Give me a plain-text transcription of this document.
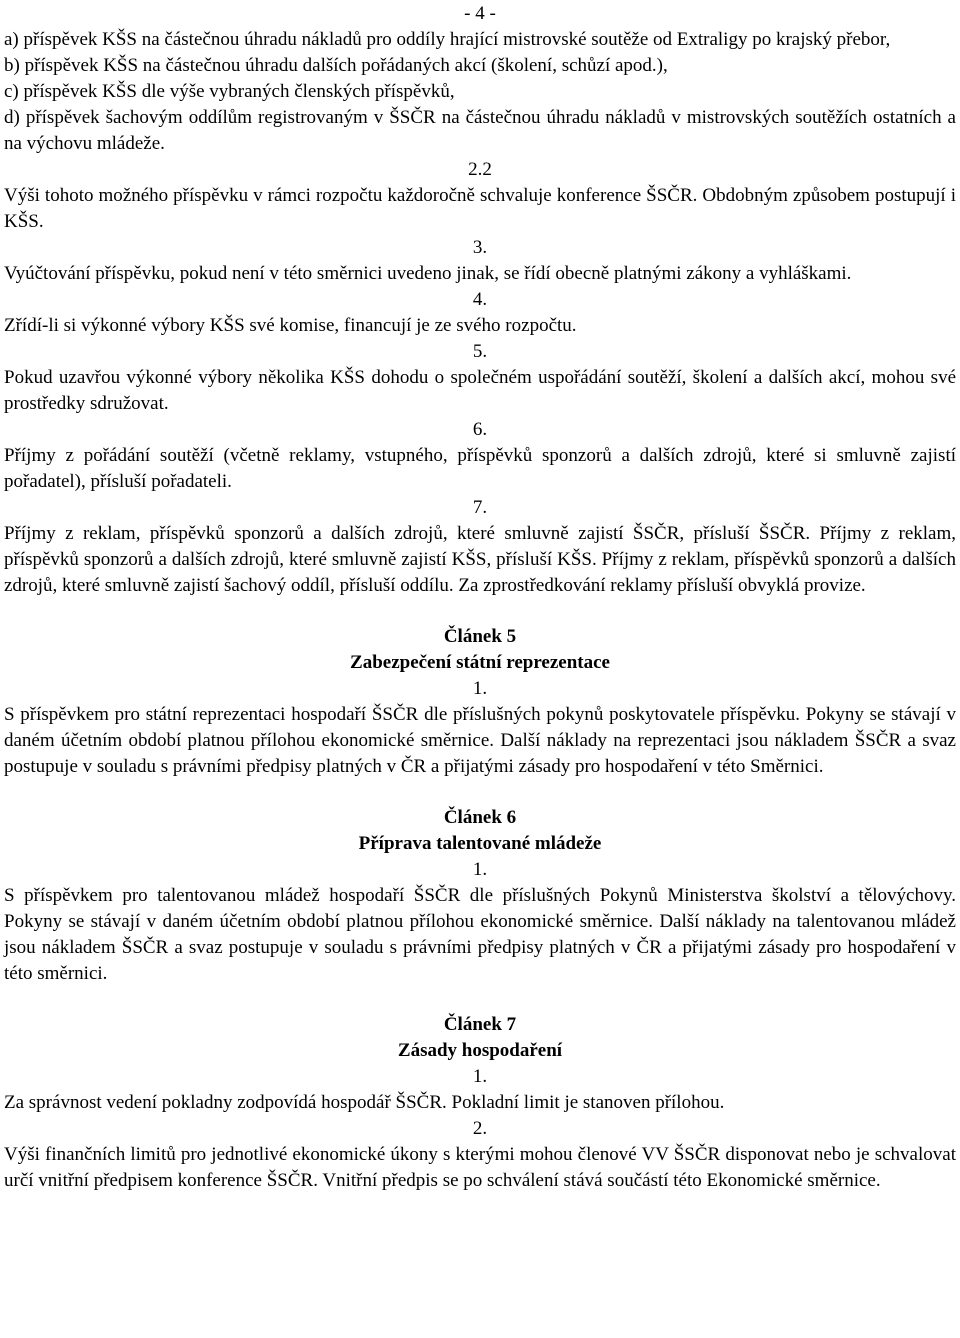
- 4 -

a) příspěvek KŠS na částečnou úhradu nákladů pro oddíly hrající mistrovské soutěže od Extraligy po krajský přebor,

b) příspěvek KŠS na částečnou úhradu dalších pořádaných akcí (školení, schůzí apod.),

c) příspěvek KŠS dle výše vybraných členských příspěvků,

d) příspěvek šachovým oddílům registrovaným v ŠSČR na částečnou úhradu nákladů v mistrovských soutěžích ostatních a na výchovu mládeže.

2.2

Výši tohoto možného příspěvku v rámci rozpočtu každoročně schvaluje konference ŠSČR. Obdobným způsobem postupují i KŠS.

3.

Vyúčtování příspěvku, pokud není v této směrnici uvedeno jinak, se řídí obecně platnými zákony a vyhláškami.

4.

Zřídí-li si výkonné výbory KŠS své komise, financují je ze svého rozpočtu.

5.

Pokud uzavřou výkonné výbory několika KŠS dohodu o společném uspořádání soutěží, školení a dalších akcí, mohou své prostředky sdružovat.

6.

Příjmy z pořádání soutěží (včetně reklamy, vstupného, příspěvků sponzorů a dalších zdrojů, které si smluvně zajistí pořadatel), přísluší pořadateli.

7.

Příjmy z reklam, příspěvků sponzorů a dalších zdrojů, které smluvně zajistí ŠSČR, přísluší ŠSČR. Příjmy z reklam, příspěvků sponzorů a dalších zdrojů, které smluvně zajistí KŠS, přísluší KŠS. Příjmy z reklam, příspěvků sponzorů a dalších zdrojů, které smluvně zajistí šachový oddíl, přísluší oddílu. Za zprostředkování reklamy přísluší obvyklá provize.

Článek 5

Zabezpečení státní reprezentace

1.

S příspěvkem pro státní reprezentaci hospodaří ŠSČR dle příslušných pokynů poskytovatele příspěvku. Pokyny se stávají v daném účetním období platnou přílohou ekonomické směrnice. Další náklady na reprezentaci jsou nákladem ŠSČR a svaz postupuje v souladu s právními předpisy platných v ČR a přijatými zásady pro hospodaření v této Směrnici.

Článek 6

Příprava talentované mládeže

1.

S příspěvkem pro talentovanou mládež hospodaří ŠSČR dle příslušných Pokynů Ministerstva školství a tělovýchovy. Pokyny se stávají v daném účetním období platnou přílohou ekonomické směrnice. Další náklady na talentovanou mládež jsou nákladem ŠSČR a svaz postupuje v souladu s právními předpisy platných v ČR a přijatými zásady pro hospodaření v této směrnici.

Článek 7

Zásady hospodaření

1.

Za správnost vedení pokladny zodpovídá hospodář ŠSČR. Pokladní limit je stanoven přílohou.

2.

Výši finančních limitů pro jednotlivé ekonomické úkony s kterými mohou členové VV ŠSČR disponovat nebo je schvalovat určí vnitřní předpisem konference ŠSČR. Vnitřní předpis se po schválení stává součástí této Ekonomické směrnice.
